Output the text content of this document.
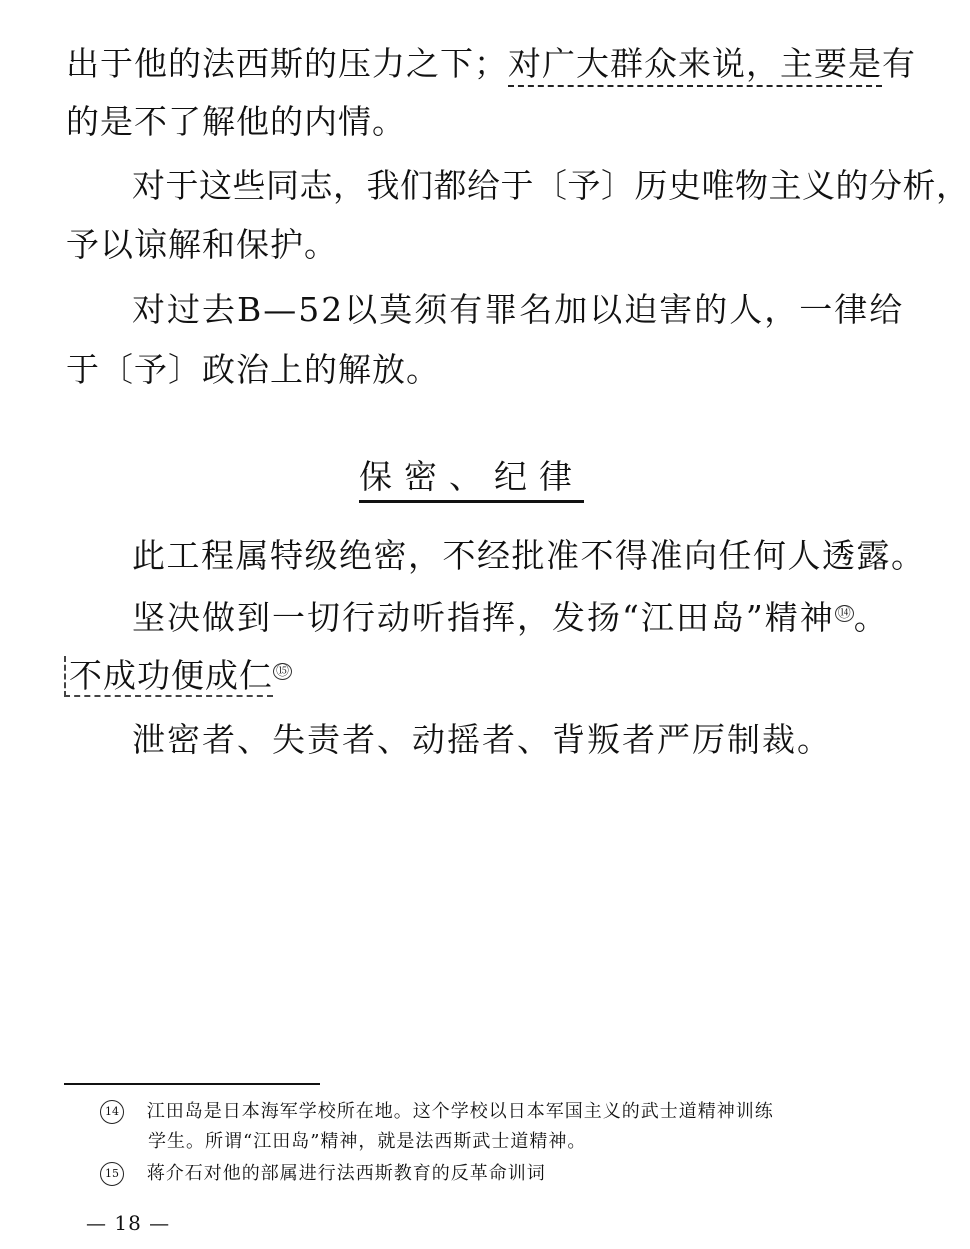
出于他的法西斯的压力之下； 对广大群众来说，主要是 有
的是不了解他的内情。
对于这些同志，我们都给于〔予〕历史唯物主义的分析，
予以谅解和保护。
对过去B—52以莫须有罪名加以迫害的人，一律给
于〔予〕政治上的解放。
保密、纪律
此工程属特级绝密，不经批准不得准向任何人透露。
坚决做到一切行动听指挥，发扬“江田岛”精神 ⑭。
不成功便成仁 ⑮
泄密者、失责者、动摇者、背叛者严厉制裁。
14 江田岛是日本海军学校所在地。这个学校以日本军国主义的武士道精神训练
学生。所谓“江田岛”精神，就是法西斯武士道精神。
15 蒋介石对他的部属进行法西斯教育的反革命训词
— 18 —
